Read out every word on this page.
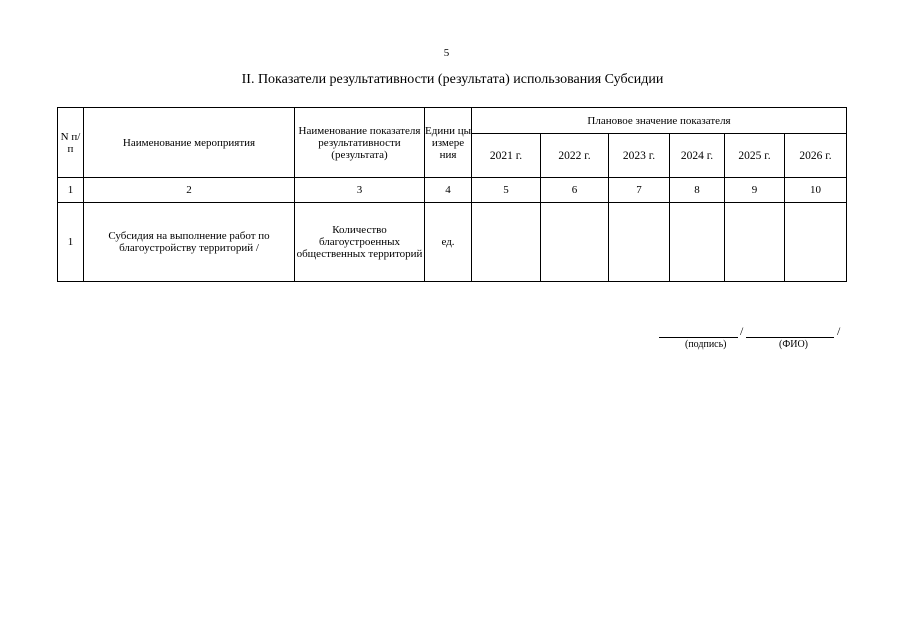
5
II. Показатели результативности (результата) использования Субсидии
N п/п	Наименование мероприятия	Наименование показателя результативности (результата)	Едини цы измере ния	Плановое значение показателя					
				2021 г.	2022 г.	2023 г.	2024 г.	2025 г.	2026 г.
1	2	3	4	5	6	7	8	9	10
1	Субсидия на выполнение работ по благоустройству территорий /	Количество благоустроенных общественных территорий	ед.						
/	/
(подпись)	(ФИО)
